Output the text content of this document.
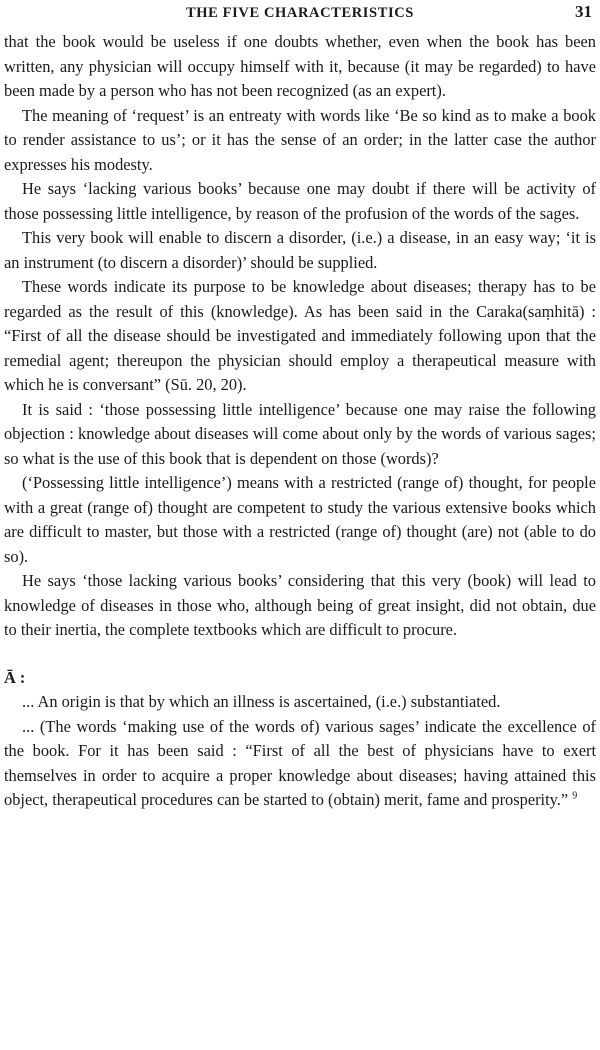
THE FIVE CHARACTERISTICS	31

that the book would be useless if one doubts whether, even when the book has been written, any physician will occupy himself with it, because (it may be regarded) to have been made by a person who has not been recognized (as an expert).

The meaning of ‘request’ is an entreaty with words like ‘Be so kind as to make a book to render assistance to us’; or it has the sense of an order; in the latter case the author expresses his modesty.

He says ‘lacking various books’ because one may doubt if there will be activity of those possessing little intelligence, by reason of the profusion of the words of the sages.

This very book will enable to discern a disorder, (i.e.) a disease, in an easy way; ‘it is an instrument (to discern a disorder)’ should be supplied.

These words indicate its purpose to be knowledge about diseases; therapy has to be regarded as the result of this (knowledge). As has been said in the Caraka(saṃhitā) : “First of all the disease should be investigated and immediately following upon that the remedial agent; thereupon the physician should employ a therapeutical measure with which he is conversant” (Sū. 20, 20).

It is said : ‘those possessing little intelligence’ because one may raise the following objection : knowledge about diseases will come about only by the words of various sages; so what is the use of this book that is dependent on those (words)?

(‘Possessing little intelligence’) means with a restricted (range of) thought, for people with a great (range of) thought are competent to study the various extensive books which are difficult to master, but those with a restricted (range of) thought (are) not (able to do so).

He says ‘those lacking various books’ considering that this very (book) will lead to knowledge of diseases in those who, although being of great insight, did not obtain, due to their inertia, the complete textbooks which are difficult to procure.

Ā :

... An origin is that by which an illness is ascertained, (i.e.) substantiated.

... (The words ‘making use of the words of) various sages’ indicate the excellence of the book. For it has been said : “First of all the best of physicians have to exert themselves in order to acquire a proper knowledge about diseases; having attained this object, therapeutical procedures can be started to (obtain) merit, fame and prosperity.” $^9$
